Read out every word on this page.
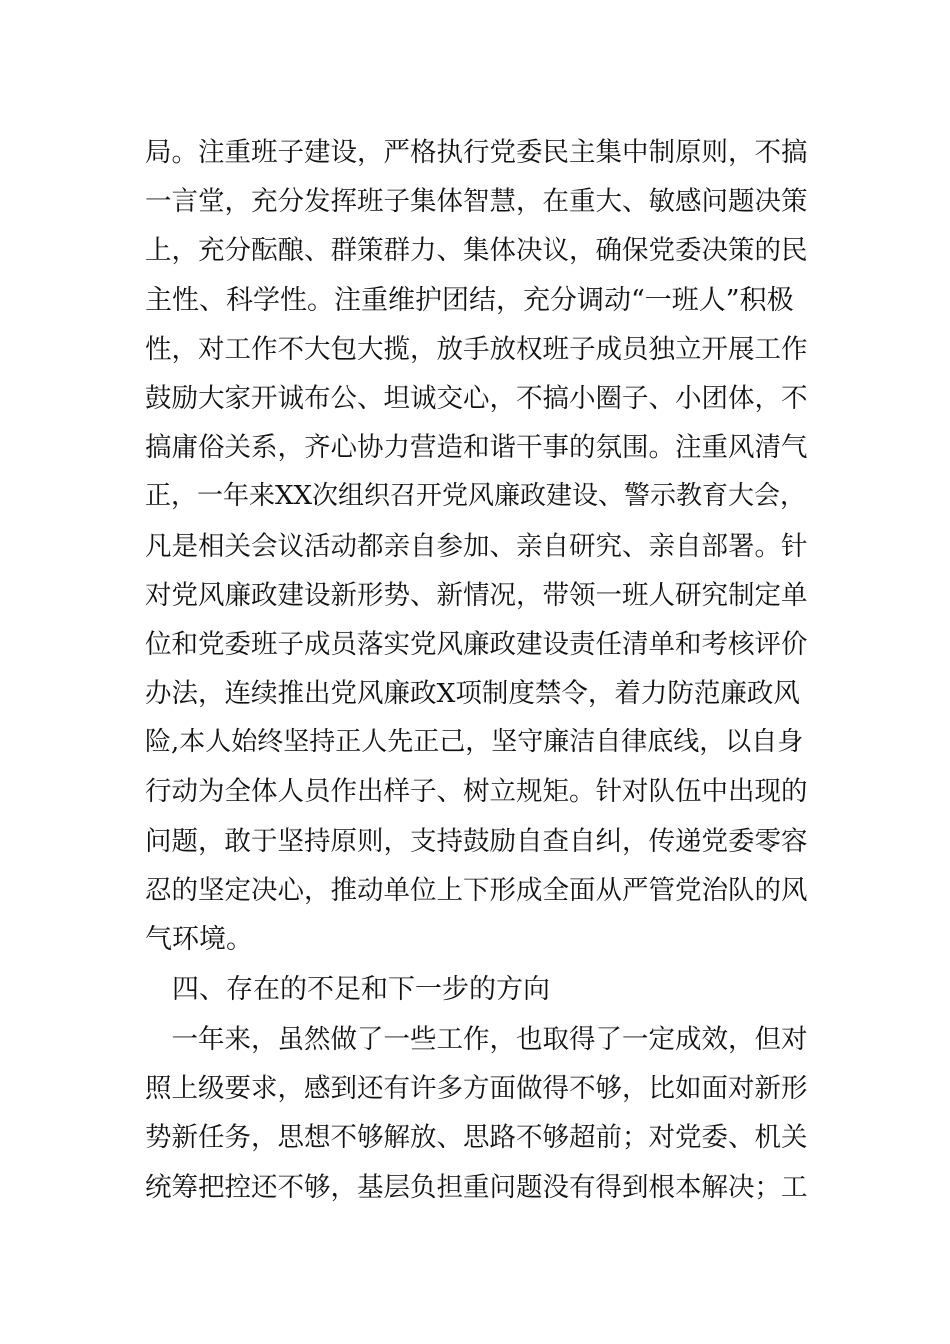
局。注重班子建设，严格执行党委民主集中制原则，不搞
一言堂，充分发挥班子集体智慧，在重大、敏感问题决策
上，充分酝酿、群策群力、集体决议，确保党委决策的民
主性、科学性。注重维护团结，充分调动“一班人”积极
性，对工作不大包大揽，放手放权班子成员独立开展工作
鼓励大家开诚布公、坦诚交心，不搞小圈子、小团体，不
搞庸俗关系，齐心协力营造和谐干事的氛围。注重风清气
正，一年来XX次组织召开党风廉政建设、警示教育大会，
凡是相关会议活动都亲自参加、亲自研究、亲自部署。针
对党风廉政建设新形势、新情况，带领一班人研究制定单
位和党委班子成员落实党风廉政建设责任清单和考核评价
办法，连续推出党风廉政X项制度禁令，着力防范廉政风
险,本人始终坚持正人先正己，坚守廉洁自律底线，以自身
行动为全体人员作出样子、树立规矩。针对队伍中出现的
问题，敢于坚持原则，支持鼓励自查自纠，传递党委零容
忍的坚定决心，推动单位上下形成全面从严管党治队的风
气环境。
　四、存在的不足和下一步的方向
　一年来，虽然做了一些工作，也取得了一定成效，但对
照上级要求，感到还有许多方面做得不够，比如面对新形
势新任务，思想不够解放、思路不够超前；对党委、机关
统筹把控还不够，基层负担重问题没有得到根本解决；工
